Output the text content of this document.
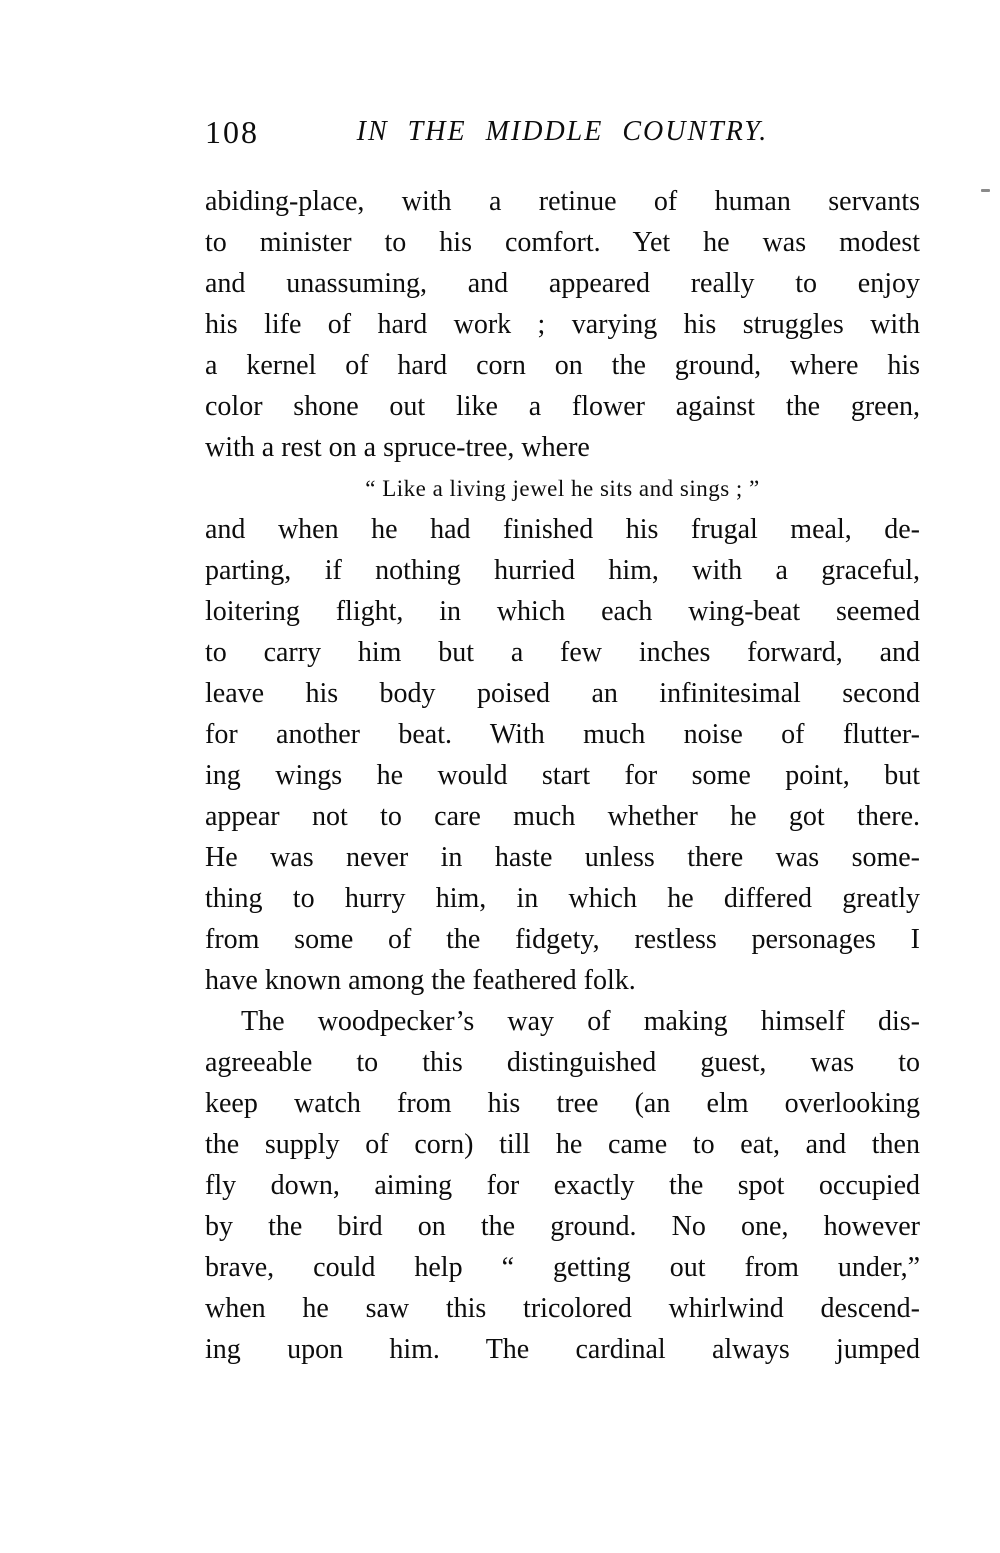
108	IN THE MIDDLE COUNTRY.
abiding-place, with a retinue of human servants
to minister to his comfort. Yet he was modest
and unassuming, and appeared really to enjoy
his life of hard work ; varying his struggles with
a kernel of hard corn on the ground, where his
color shone out like a flower against the green,
with a rest on a spruce-tree, where
“ Like a living jewel he sits and sings ; ”
and when he had finished his frugal meal, de-
parting, if nothing hurried him, with a graceful,
loitering flight, in which each wing-beat seemed
to carry him but a few inches forward, and
leave his body poised an infinitesimal second
for another beat. With much noise of flutter-
ing wings he would start for some point, but
appear not to care much whether he got there.
He was never in haste unless there was some-
thing to hurry him, in which he differed greatly
from some of the fidgety, restless personages I
have known among the feathered folk.
The woodpecker’s way of making himself dis-
agreeable to this distinguished guest, was to
keep watch from his tree (an elm overlooking
the supply of corn) till he came to eat, and then
fly down, aiming for exactly the spot occupied
by the bird on the ground. No one, however
brave, could help “ getting out from under,”
when he saw this tricolored whirlwind descend-
ing upon him. The cardinal always jumped
